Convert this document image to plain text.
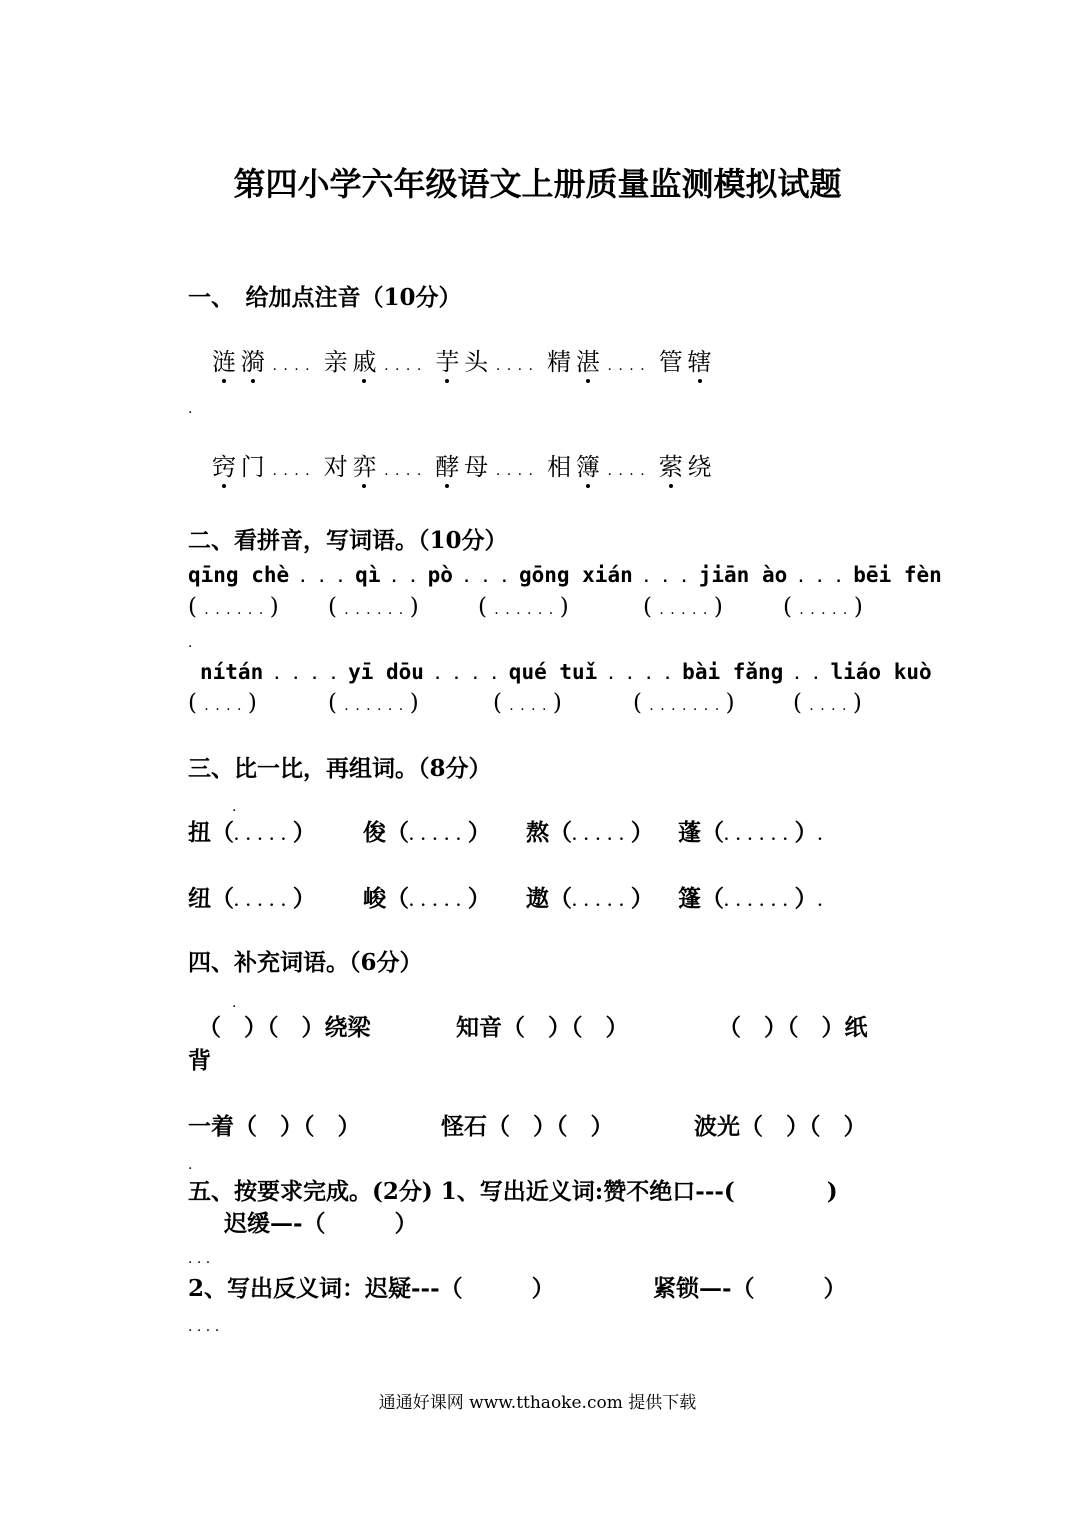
第四小学六年级语文上册质量监测模拟试题

一、　给加点注音（10分）

涟  漪 . . . .  亲  戚 . . . .  芋  头 . . . .  精  湛 . . . .  管  辖
窍  门 . . . .  对  弈 . . . .  酵  母 . . . .  相  簿 . . . .  萦  绕
.

二、看拼音，写词语。（10分）

qīng chè . . . qì . . pò . . . gōng xián . . . jiān ào . . . bēi fèn
( . . . . . . ) ( . . . . . . )	( . . . . . . )	( . . . . . )	( . . . . . )
.
nítán . . . . yī dōu . . . . qué tuǐ . . . . bài fǎng . . liáo kuò
( . . . . )	( . . . . . . )	( . . . . )	( . . . . . . . )	( . . . . )

三、比一比，再组词。（8分）

.
扭（. . . . . ） 俊（. . . . . ） 熬（. . . . . ） 蓬（. . . . . . ）.
纽（. . . . . ） 峻（. . . . . ） 遨（. . . . . ） 篷（. . . . . . ）.

四、补充词语。（6分）

.
（　）（　）绕梁	知音（　）（　）	（　）（　）纸

背

一着（　）（　）	怪石（　）（　）	波光（　）（　）
.

五、按要求完成。(2分) 1、写出近义词:赞不绝口---(　　　　)

迟缓—-（　　　）

. . .
2、写出反义词：迟疑---（　　　）	紧锁—-（　　　）
. . . .

通通好课网 www.tthaoke.com 提供下载
